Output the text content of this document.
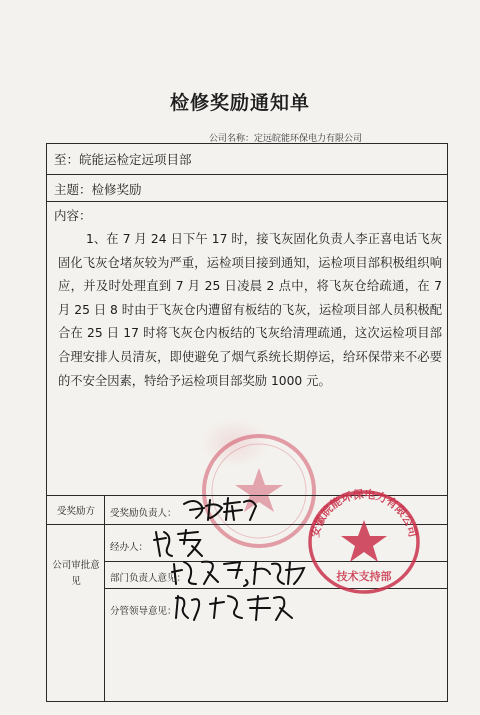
检修奖励通知单
公司名称：定远皖能环保电力有限公司
至：皖能运检定远项目部
主题：检修奖励
内容：
1、在 7 月 24 日下午 17 时，接飞灰固化负责人李正喜电话飞灰固化飞灰仓堵灰较为严重，运检项目接到通知，运检项目部积极组织响应，并及时处理直到 7 月 25 日凌晨 2 点中，将飞灰仓给疏通，在 7 月 25 日 8 时由于飞灰仓内遭留有板结的飞灰，运检项目部人员积极配合在 25 日 17 时将飞灰仓内板结的飞灰给清理疏通，这次运检项目部合理安排人员清灰，即使避免了烟气系统长期停运，给环保带来不必要的不安全因素，特给予运检项目部奖励 1000 元。
受奖励方
公司审批意见
受奖励负责人：
经办人：
部门负责人意见：
分管领导意见：
安徽皖能环保电力有限公司
技术支持部
